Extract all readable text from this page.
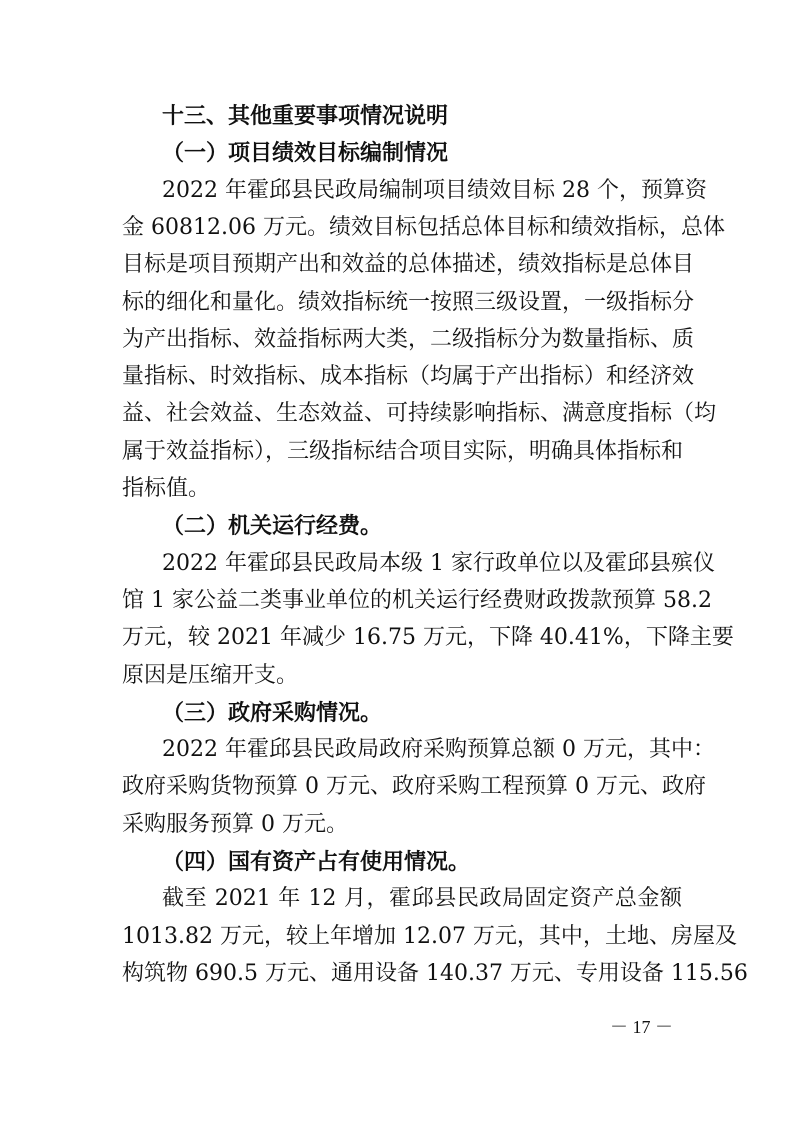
十三、其他重要事项情况说明
（一）项目绩效目标编制情况
2022 年霍邱县民政局编制项目绩效目标 28 个，预算资
金 60812.06 万元。绩效目标包括总体目标和绩效指标，总体
目标是项目预期产出和效益的总体描述，绩效指标是总体目
标的细化和量化。绩效指标统一按照三级设置，一级指标分
为产出指标、效益指标两大类，二级指标分为数量指标、质
量指标、时效指标、成本指标（均属于产出指标）和经济效
益、社会效益、生态效益、可持续影响指标、满意度指标（均
属于效益指标），三级指标结合项目实际，明确具体指标和
指标值。
（二）机关运行经费。
2022 年霍邱县民政局本级 1 家行政单位以及霍邱县殡仪
馆 1 家公益二类事业单位的机关运行经费财政拨款预算 58.2
万元，较 2021 年减少 16.75 万元，下降 40.41%，下降主要
原因是压缩开支。
（三）政府采购情况。
2022 年霍邱县民政局政府采购预算总额 0 万元，其中：
政府采购货物预算 0 万元、政府采购工程预算 0 万元、政府
采购服务预算 0 万元。
（四）国有资产占有使用情况。
截至 2021 年 12 月，霍邱县民政局固定资产总金额
1013.82 万元，较上年增加 12.07 万元，其中，土地、房屋及
构筑物 690.5 万元、通用设备 140.37 万元、专用设备 115.56
－ 17 －
